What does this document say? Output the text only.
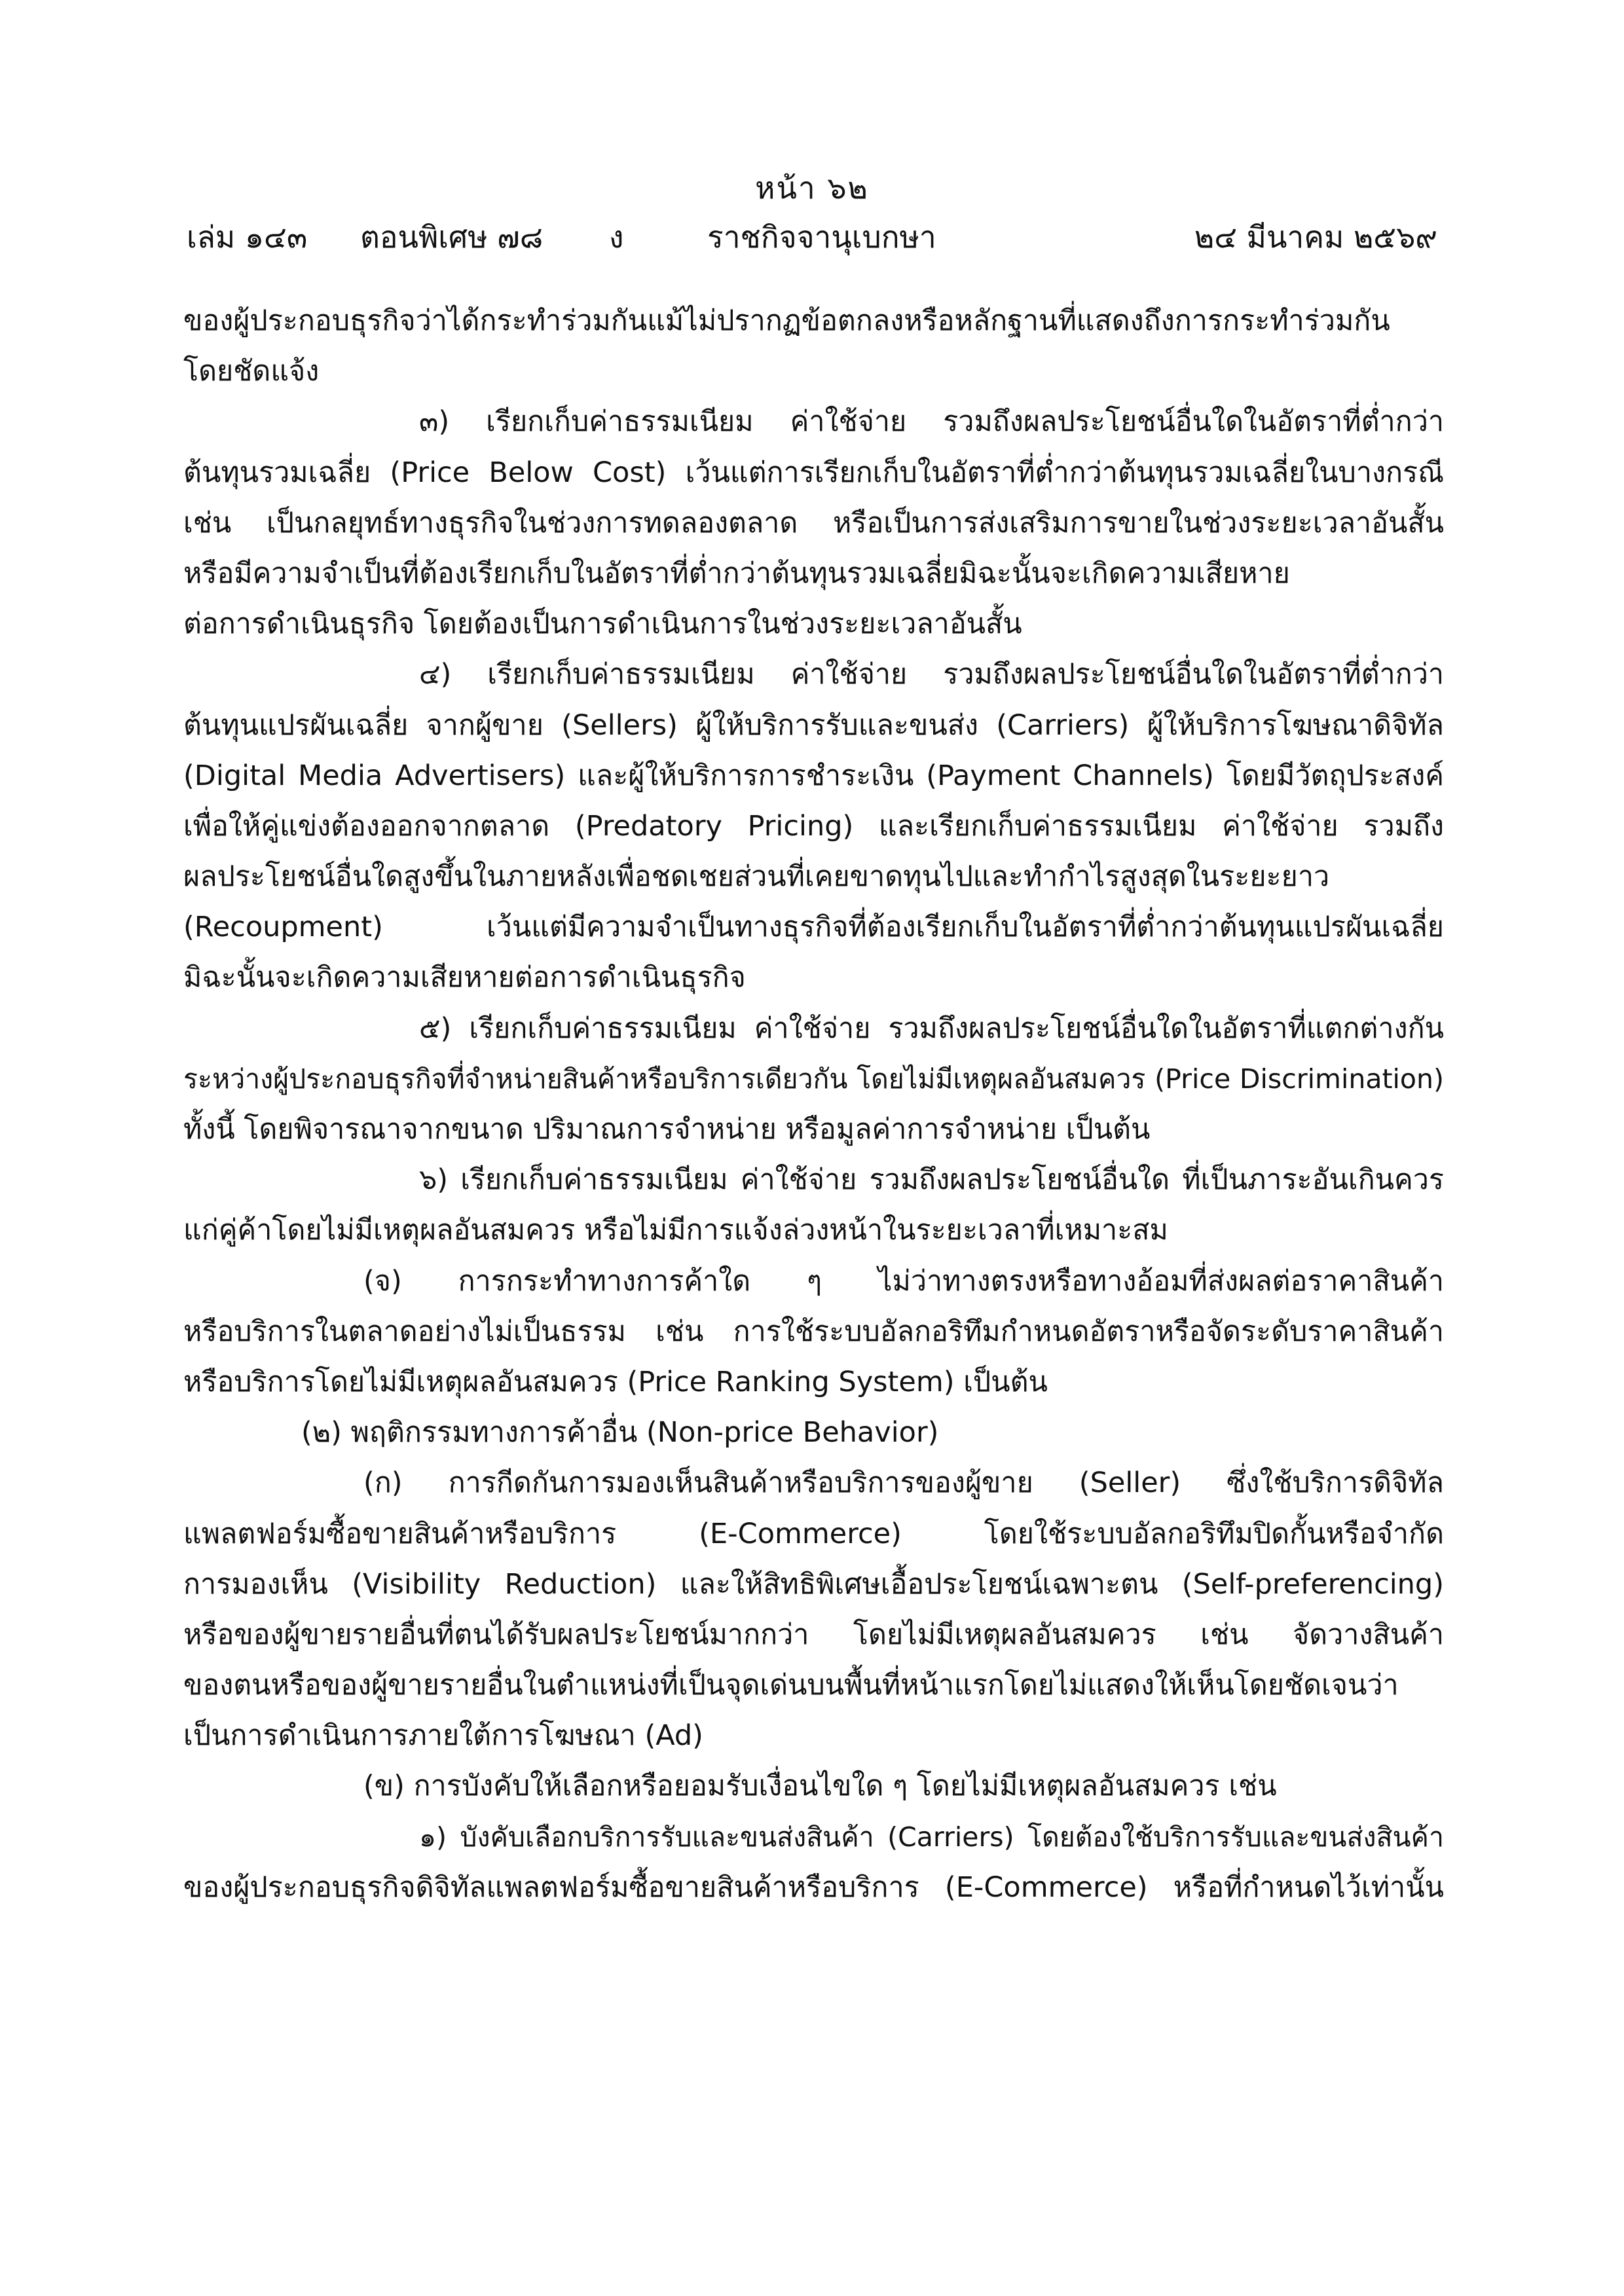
หน้า ๖๒
เล่ม ๑๔๓ ตอนพิเศษ ๗๘ ง	ราชกิจจานุเบกษา	๒๔ มีนาคม ๒๕๖๙
ของผู้ประกอบธุรกิจว่าได้กระทำร่วมกันแม้ไม่ปรากฏข้อตกลงหรือหลักฐานที่แสดงถึงการกระทำร่วมกัน
โดยชัดแจ้ง
๓) เรียกเก็บค่าธรรมเนียม ค่าใช้จ่าย รวมถึงผลประโยชน์อื่นใดในอัตราที่ต่ำกว่า
ต้นทุนรวมเฉลี่ย (Price Below Cost) เว้นแต่การเรียกเก็บในอัตราที่ต่ำกว่าต้นทุนรวมเฉลี่ยในบางกรณี
เช่น เป็นกลยุทธ์ทางธุรกิจในช่วงการทดลองตลาด หรือเป็นการส่งเสริมการขายในช่วงระยะเวลาอันสั้น
หรือมีความจำเป็นที่ต้องเรียกเก็บในอัตราที่ต่ำกว่าต้นทุนรวมเฉลี่ยมิฉะนั้นจะเกิดความเสียหาย
ต่อการดำเนินธุรกิจ โดยต้องเป็นการดำเนินการในช่วงระยะเวลาอันสั้น
๔) เรียกเก็บค่าธรรมเนียม ค่าใช้จ่าย รวมถึงผลประโยชน์อื่นใดในอัตราที่ต่ำกว่า
ต้นทุนแปรผันเฉลี่ย จากผู้ขาย (Sellers) ผู้ให้บริการรับและขนส่ง (Carriers) ผู้ให้บริการโฆษณาดิจิทัล
(Digital Media Advertisers) และผู้ให้บริการการชำระเงิน (Payment Channels) โดยมีวัตถุประสงค์
เพื่อให้คู่แข่งต้องออกจากตลาด (Predatory Pricing) และเรียกเก็บค่าธรรมเนียม ค่าใช้จ่าย รวมถึง
ผลประโยชน์อื่นใดสูงขึ้นในภายหลังเพื่อชดเชยส่วนที่เคยขาดทุนไปและทำกำไรสูงสุดในระยะยาว
(Recoupment) เว้นแต่มีความจำเป็นทางธุรกิจที่ต้องเรียกเก็บในอัตราที่ต่ำกว่าต้นทุนแปรผันเฉลี่ย
มิฉะนั้นจะเกิดความเสียหายต่อการดำเนินธุรกิจ
๕) เรียกเก็บค่าธรรมเนียม ค่าใช้จ่าย รวมถึงผลประโยชน์อื่นใดในอัตราที่แตกต่างกัน
ระหว่างผู้ประกอบธุรกิจที่จำหน่ายสินค้าหรือบริการเดียวกัน โดยไม่มีเหตุผลอันสมควร (Price Discrimination)
ทั้งนี้ โดยพิจารณาจากขนาด ปริมาณการจำหน่าย หรือมูลค่าการจำหน่าย เป็นต้น
๖) เรียกเก็บค่าธรรมเนียม ค่าใช้จ่าย รวมถึงผลประโยชน์อื่นใด ที่เป็นภาระอันเกินควร
แก่คู่ค้าโดยไม่มีเหตุผลอันสมควร หรือไม่มีการแจ้งล่วงหน้าในระยะเวลาที่เหมาะสม
(จ) การกระทำทางการค้าใด ๆ ไม่ว่าทางตรงหรือทางอ้อมที่ส่งผลต่อราคาสินค้า
หรือบริการในตลาดอย่างไม่เป็นธรรม เช่น การใช้ระบบอัลกอริทึมกำหนดอัตราหรือจัดระดับราคาสินค้า
หรือบริการโดยไม่มีเหตุผลอันสมควร (Price Ranking System) เป็นต้น
(๒) พฤติกรรมทางการค้าอื่น (Non-price Behavior)
(ก) การกีดกันการมองเห็นสินค้าหรือบริการของผู้ขาย (Seller) ซึ่งใช้บริการดิจิทัล
แพลตฟอร์มซื้อขายสินค้าหรือบริการ (E-Commerce) โดยใช้ระบบอัลกอริทึมปิดกั้นหรือจำกัด
การมองเห็น (Visibility Reduction) และให้สิทธิพิเศษเอื้อประโยชน์เฉพาะตน (Self-preferencing)
หรือของผู้ขายรายอื่นที่ตนได้รับผลประโยชน์มากกว่า โดยไม่มีเหตุผลอันสมควร เช่น จัดวางสินค้า
ของตนหรือของผู้ขายรายอื่นในตำแหน่งที่เป็นจุดเด่นบนพื้นที่หน้าแรกโดยไม่แสดงให้เห็นโดยชัดเจนว่า
เป็นการดำเนินการภายใต้การโฆษณา (Ad)
(ข) การบังคับให้เลือกหรือยอมรับเงื่อนไขใด ๆ โดยไม่มีเหตุผลอันสมควร เช่น
๑) บังคับเลือกบริการรับและขนส่งสินค้า (Carriers) โดยต้องใช้บริการรับและขนส่งสินค้า
ของผู้ประกอบธุรกิจดิจิทัลแพลตฟอร์มซื้อขายสินค้าหรือบริการ (E-Commerce) หรือที่กำหนดไว้เท่านั้น
